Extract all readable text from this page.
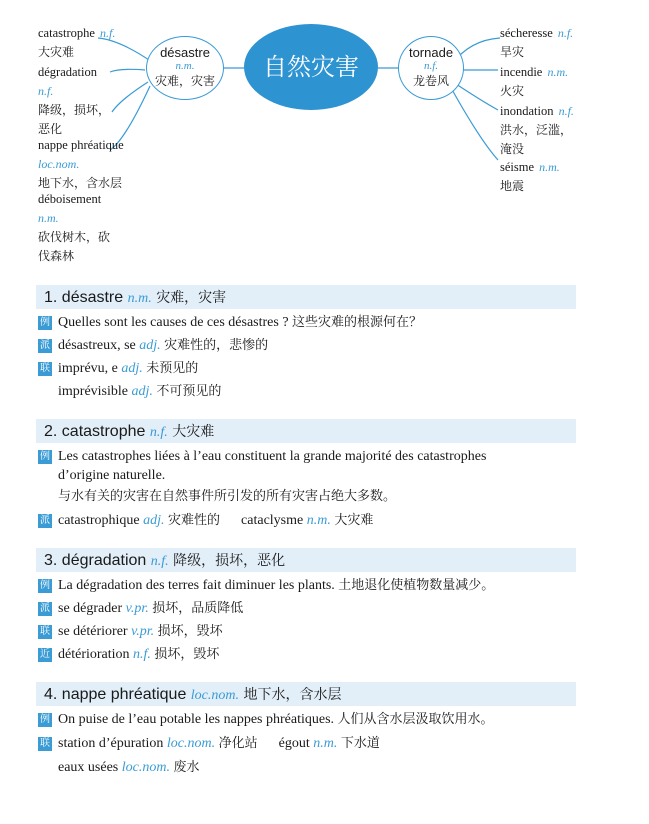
catastrophe n.f.
大灾难
dégradation
n.f.
降级，损坏，
恶化
nappe phréatique
loc.nom.
地下水，含水层
déboisement
n.m.
砍伐树木，砍
伐森林
désastre
n.m.
灾难，灾害	自然灾害
tornade
n.f.
龙卷风
sécheresse n.f.
旱灾
incendie n.m.
火灾
inondation n.f.
洪水，泛滥，
淹没
séisme n.m.
地震
1. désastre n.m. 灾难，灾害
例 Quelles sont les causes de ces désastres ? 这些灾难的根源何在？
派 désastreux, se adj. 灾难性的，悲惨的
联 imprévu, e adj. 未预见的
imprévisible adj. 不可预见的
2. catastrophe n.f. 大灾难
例 Les catastrophes liées à l’eau constituent la grande majorité des catastrophes
d’origine naturelle.
与水有关的灾害在自然事件所引发的所有灾害占绝大多数。
派 catastrophique adj. 灾难性的 cataclysme n.m. 大灾难
3. dégradation n.f. 降级，损坏，恶化
例 La dégradation des terres fait diminuer les plants. 土地退化使植物数量减少。
派 se dégrader v.pr. 损坏，品质降低
联 se détériorer v.pr. 损坏，毁坏
近 détérioration n.f. 损坏，毁坏
4. nappe phréatique loc.nom. 地下水，含水层
例 On puise de l’eau potable les nappes phréatiques. 人们从含水层汲取饮用水。
联 station d’épuration loc.nom. 净化站 égout n.m. 下水道
eaux usées loc.nom. 废水
